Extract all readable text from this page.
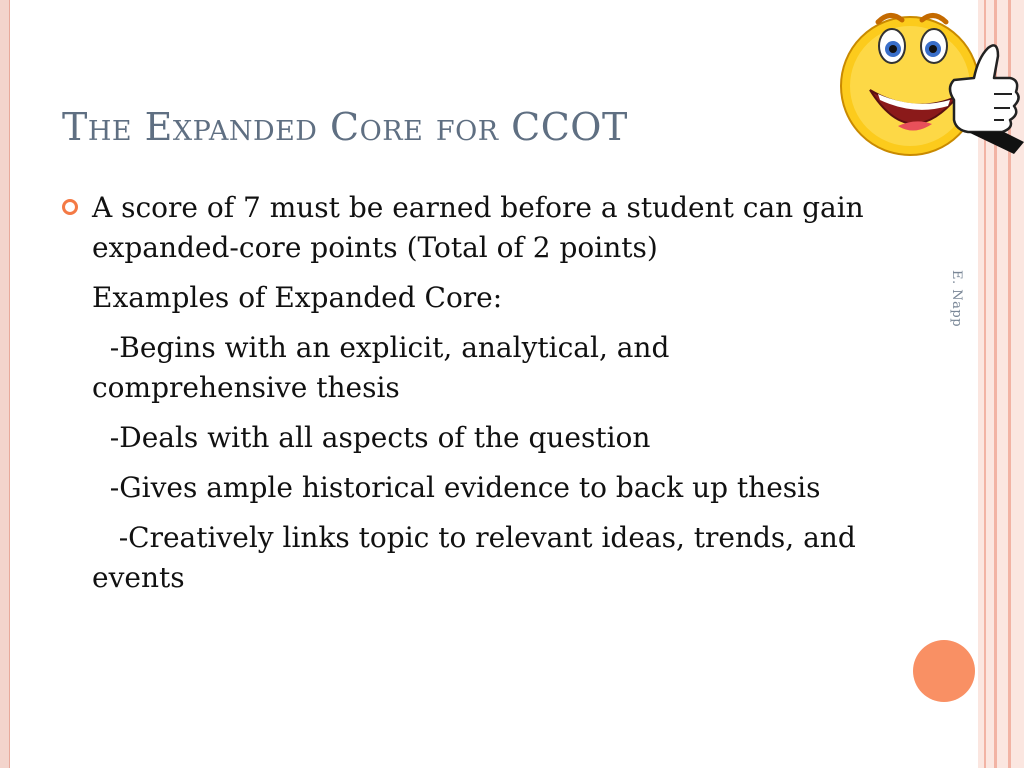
The Expanded Core for CCOT
A score of 7 must be earned before a student can gain expanded-core points (Total of 2 points)
Examples of Expanded Core:
-Begins with an explicit, analytical, and comprehensive thesis
-Deals with all aspects of the question
-Gives ample historical evidence to back up thesis
-Creatively links topic to relevant ideas, trends, and events
E. Napp
